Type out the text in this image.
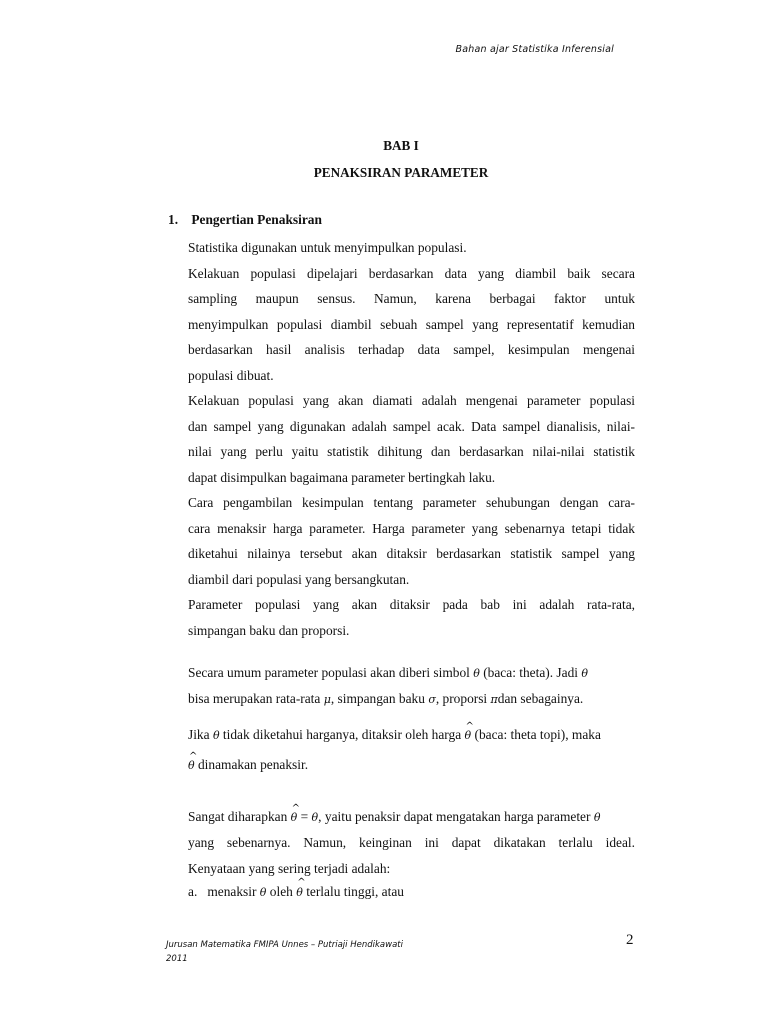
Bahan ajar Statistika Inferensial
BAB I
PENAKSIRAN PARAMETER
1. Pengertian Penaksiran
Statistika digunakan untuk menyimpulkan populasi.
Kelakuan populasi dipelajari berdasarkan data yang diambil baik secara
sampling maupun sensus. Namun, karena berbagai faktor untuk
menyimpulkan populasi diambil sebuah sampel yang representatif kemudian
berdasarkan hasil analisis terhadap data sampel, kesimpulan mengenai
populasi dibuat.
Kelakuan populasi yang akan diamati adalah mengenai parameter populasi
dan sampel yang digunakan adalah sampel acak. Data sampel dianalisis, nilai-
nilai yang perlu yaitu statistik dihitung dan berdasarkan nilai-nilai statistik
dapat disimpulkan bagaimana parameter bertingkah laku.
Cara pengambilan kesimpulan tentang parameter sehubungan dengan cara-
cara menaksir harga parameter. Harga parameter yang sebenarnya tetapi tidak
diketahui nilainya tersebut akan ditaksir berdasarkan statistik sampel yang
diambil dari populasi yang bersangkutan.
Parameter populasi yang akan ditaksir pada bab ini adalah rata-rata,
simpangan baku dan proporsi.
Secara umum parameter populasi akan diberi simbol θ (baca: theta). Jadi θ
bisa merupakan rata-rata μ, simpangan baku σ, proporsi πdan sebagainya.
Jika θ tidak diketahui harganya, ditaksir oleh harga ^ θ (baca: theta topi), maka
^ θ dinamakan penaksir.
Sangat diharapkan ^ θ = θ, yaitu penaksir dapat mengatakan harga parameter θ
yang sebenarnya. Namun, keinginan ini dapat dikatakan terlalu ideal.
Kenyataan yang sering terjadi adalah:
a. menaksir θ oleh ^ θ terlalu tinggi, atau
Jurusan Matematika FMIPA Unnes – Putriaji Hendikawati
2011
2
